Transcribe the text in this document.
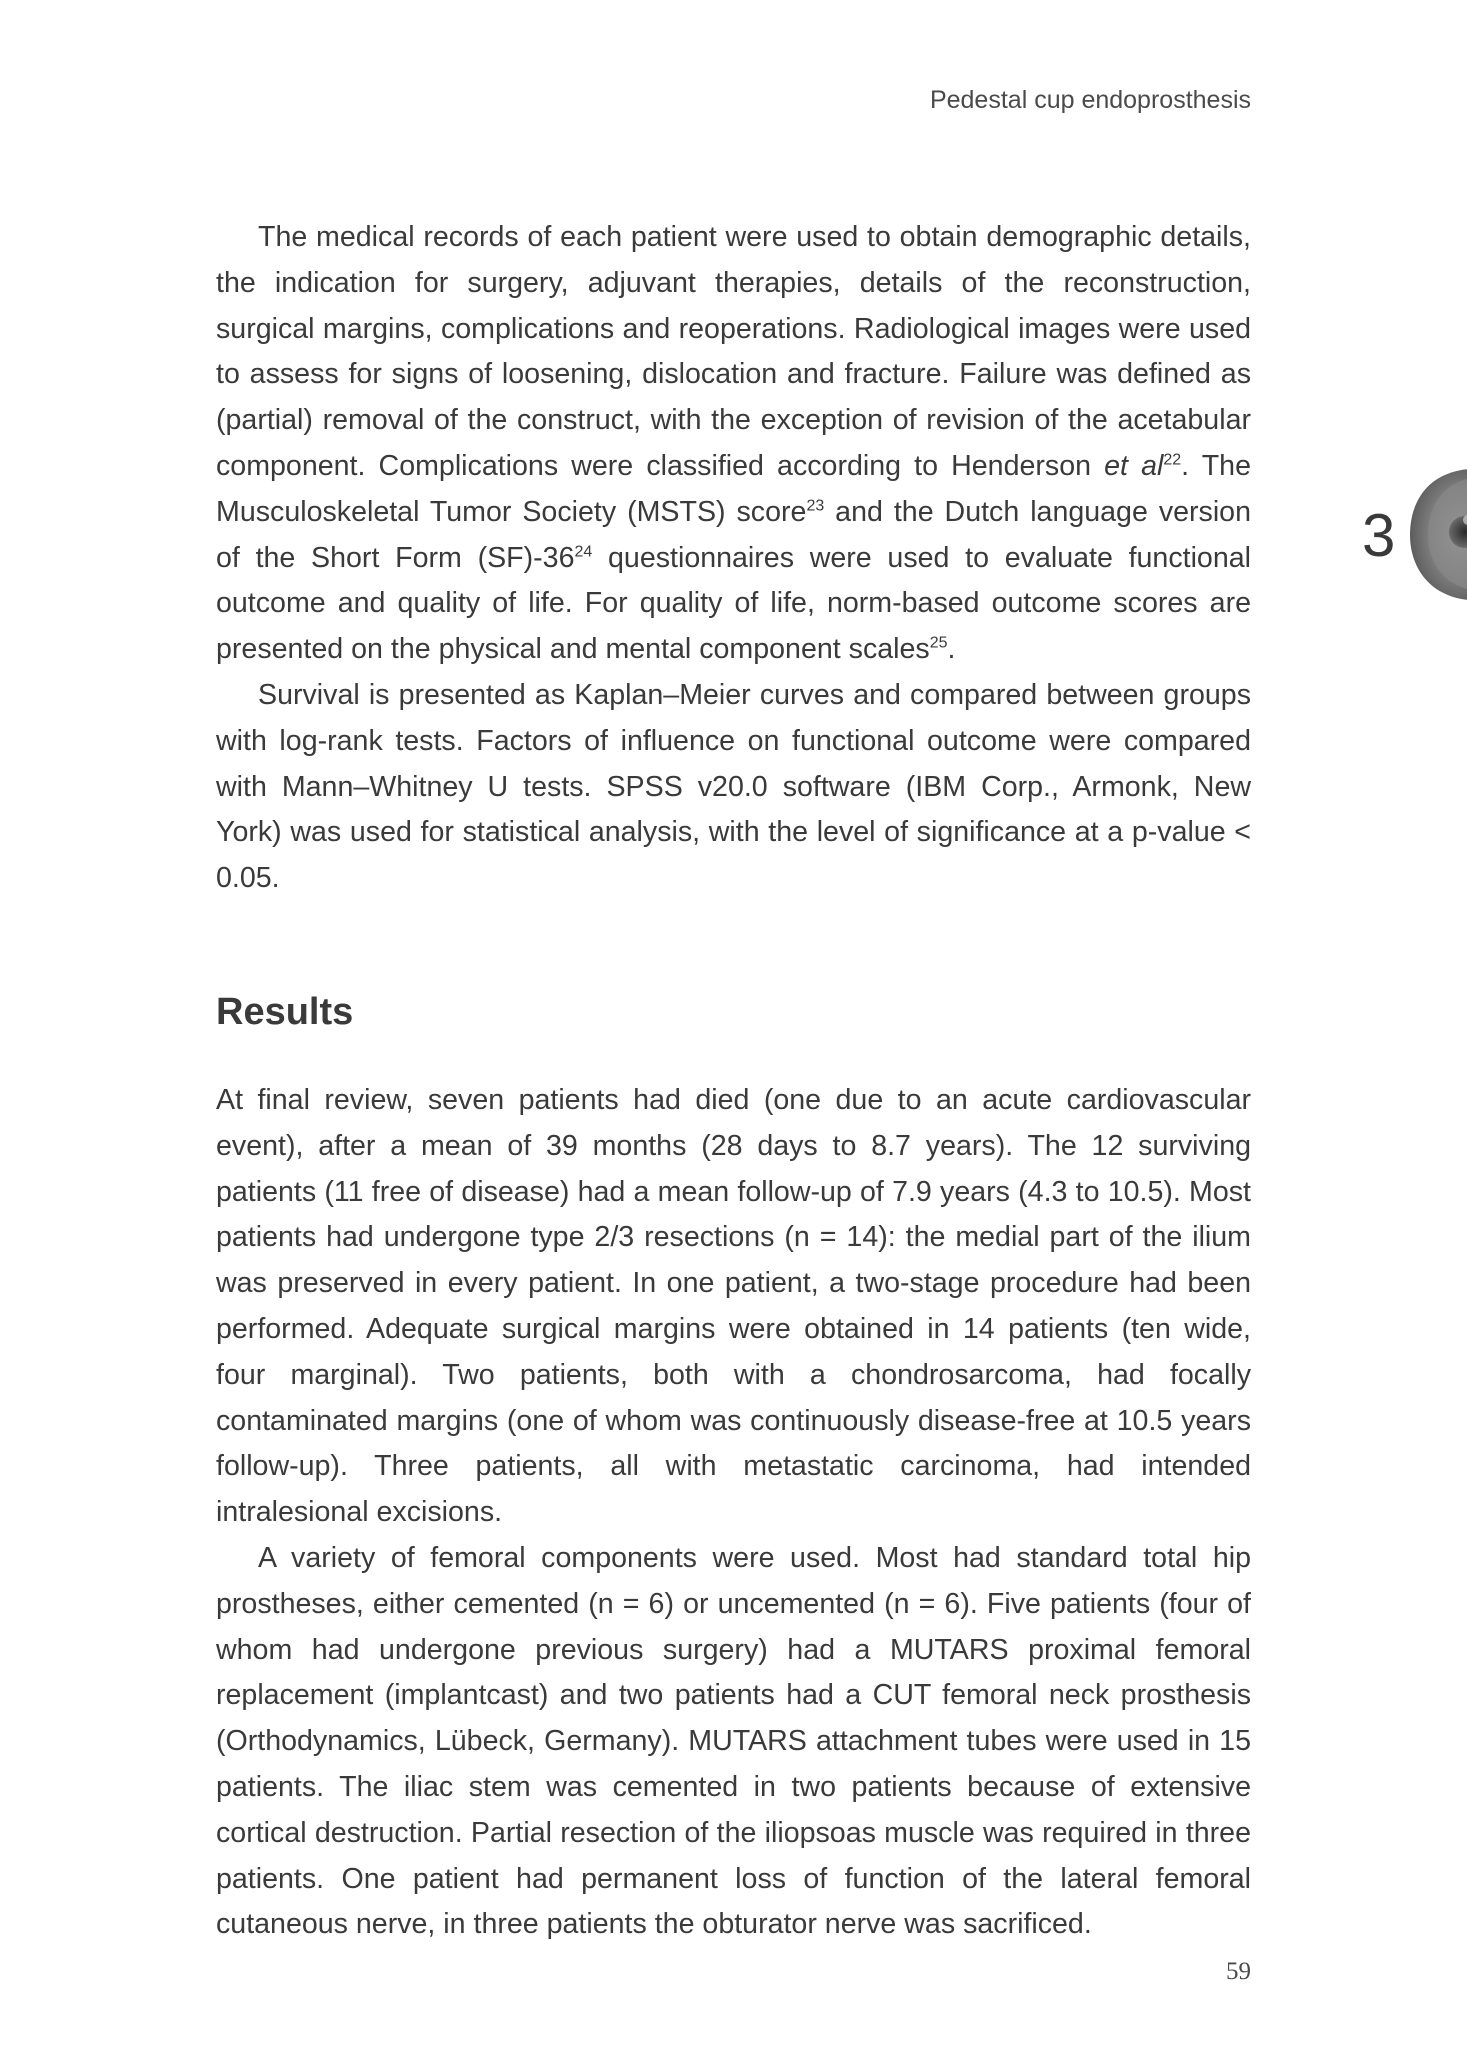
Pedestal cup endoprosthesis
3

The medical records of each patient were used to obtain demographic details, the indication for surgery, adjuvant therapies, details of the reconstruction, surgical margins, complications and reoperations. Radiological images were used to assess for signs of loosening, dislocation and fracture. Failure was defined as (partial) removal of the construct, with the exception of revision of the acetabular component. Complications were classified according to Henderson et $al^{22}$. The Musculoskeletal Tumor Society (MSTS) score$^{23}$ and the Dutch language version of the Short Form $(SF)-36^{24}$ questionnaires were used to evaluate functional outcome and quality of life. For quality of life, norm-based outcome scores are presented on the physical and mental component scales$^{25}$.

Survival is presented as Kaplan–Meier curves and compared between groups with log-rank tests. Factors of influence on functional outcome were compared with Mann–Whitney U tests. SPSS v20.0 software (IBM Corp., Armonk, New York) was used for statistical analysis, with the level of significance at a p-value < 0.05.

Results

At final review, seven patients had died (one due to an acute cardiovascular event), after a mean of 39 months (28 days to 8.7 years). The 12 surviving patients (11 free of disease) had a mean follow-up of 7.9 years (4.3 to 10.5). Most patients had undergone type 2/3 resections (n = 14): the medial part of the ilium was preserved in every patient. In one patient, a two-stage procedure had been performed. Adequate surgical margins were obtained in 14 patients (ten wide, four marginal). Two patients, both with a chondrosarcoma, had focally contaminated margins (one of whom was continuously disease-free at 10.5 years follow-up). Three patients, all with metastatic carcinoma, had intended intralesional excisions.

A variety of femoral components were used. Most had standard total hip prostheses, either cemented (n = 6) or uncemented (n = 6). Five patients (four of whom had undergone previous surgery) had a MUTARS proximal femoral replacement (implantcast) and two patients had a CUT femoral neck prosthesis (Orthodynamics, Lübeck, Germany). MUTARS attachment tubes were used in 15 patients. The iliac stem was cemented in two patients because of extensive cortical destruction. Partial resection of the iliopsoas muscle was required in three patients. One patient had permanent loss of function of the lateral femoral cutaneous nerve, in three patients the obturator nerve was sacrificed.

59
